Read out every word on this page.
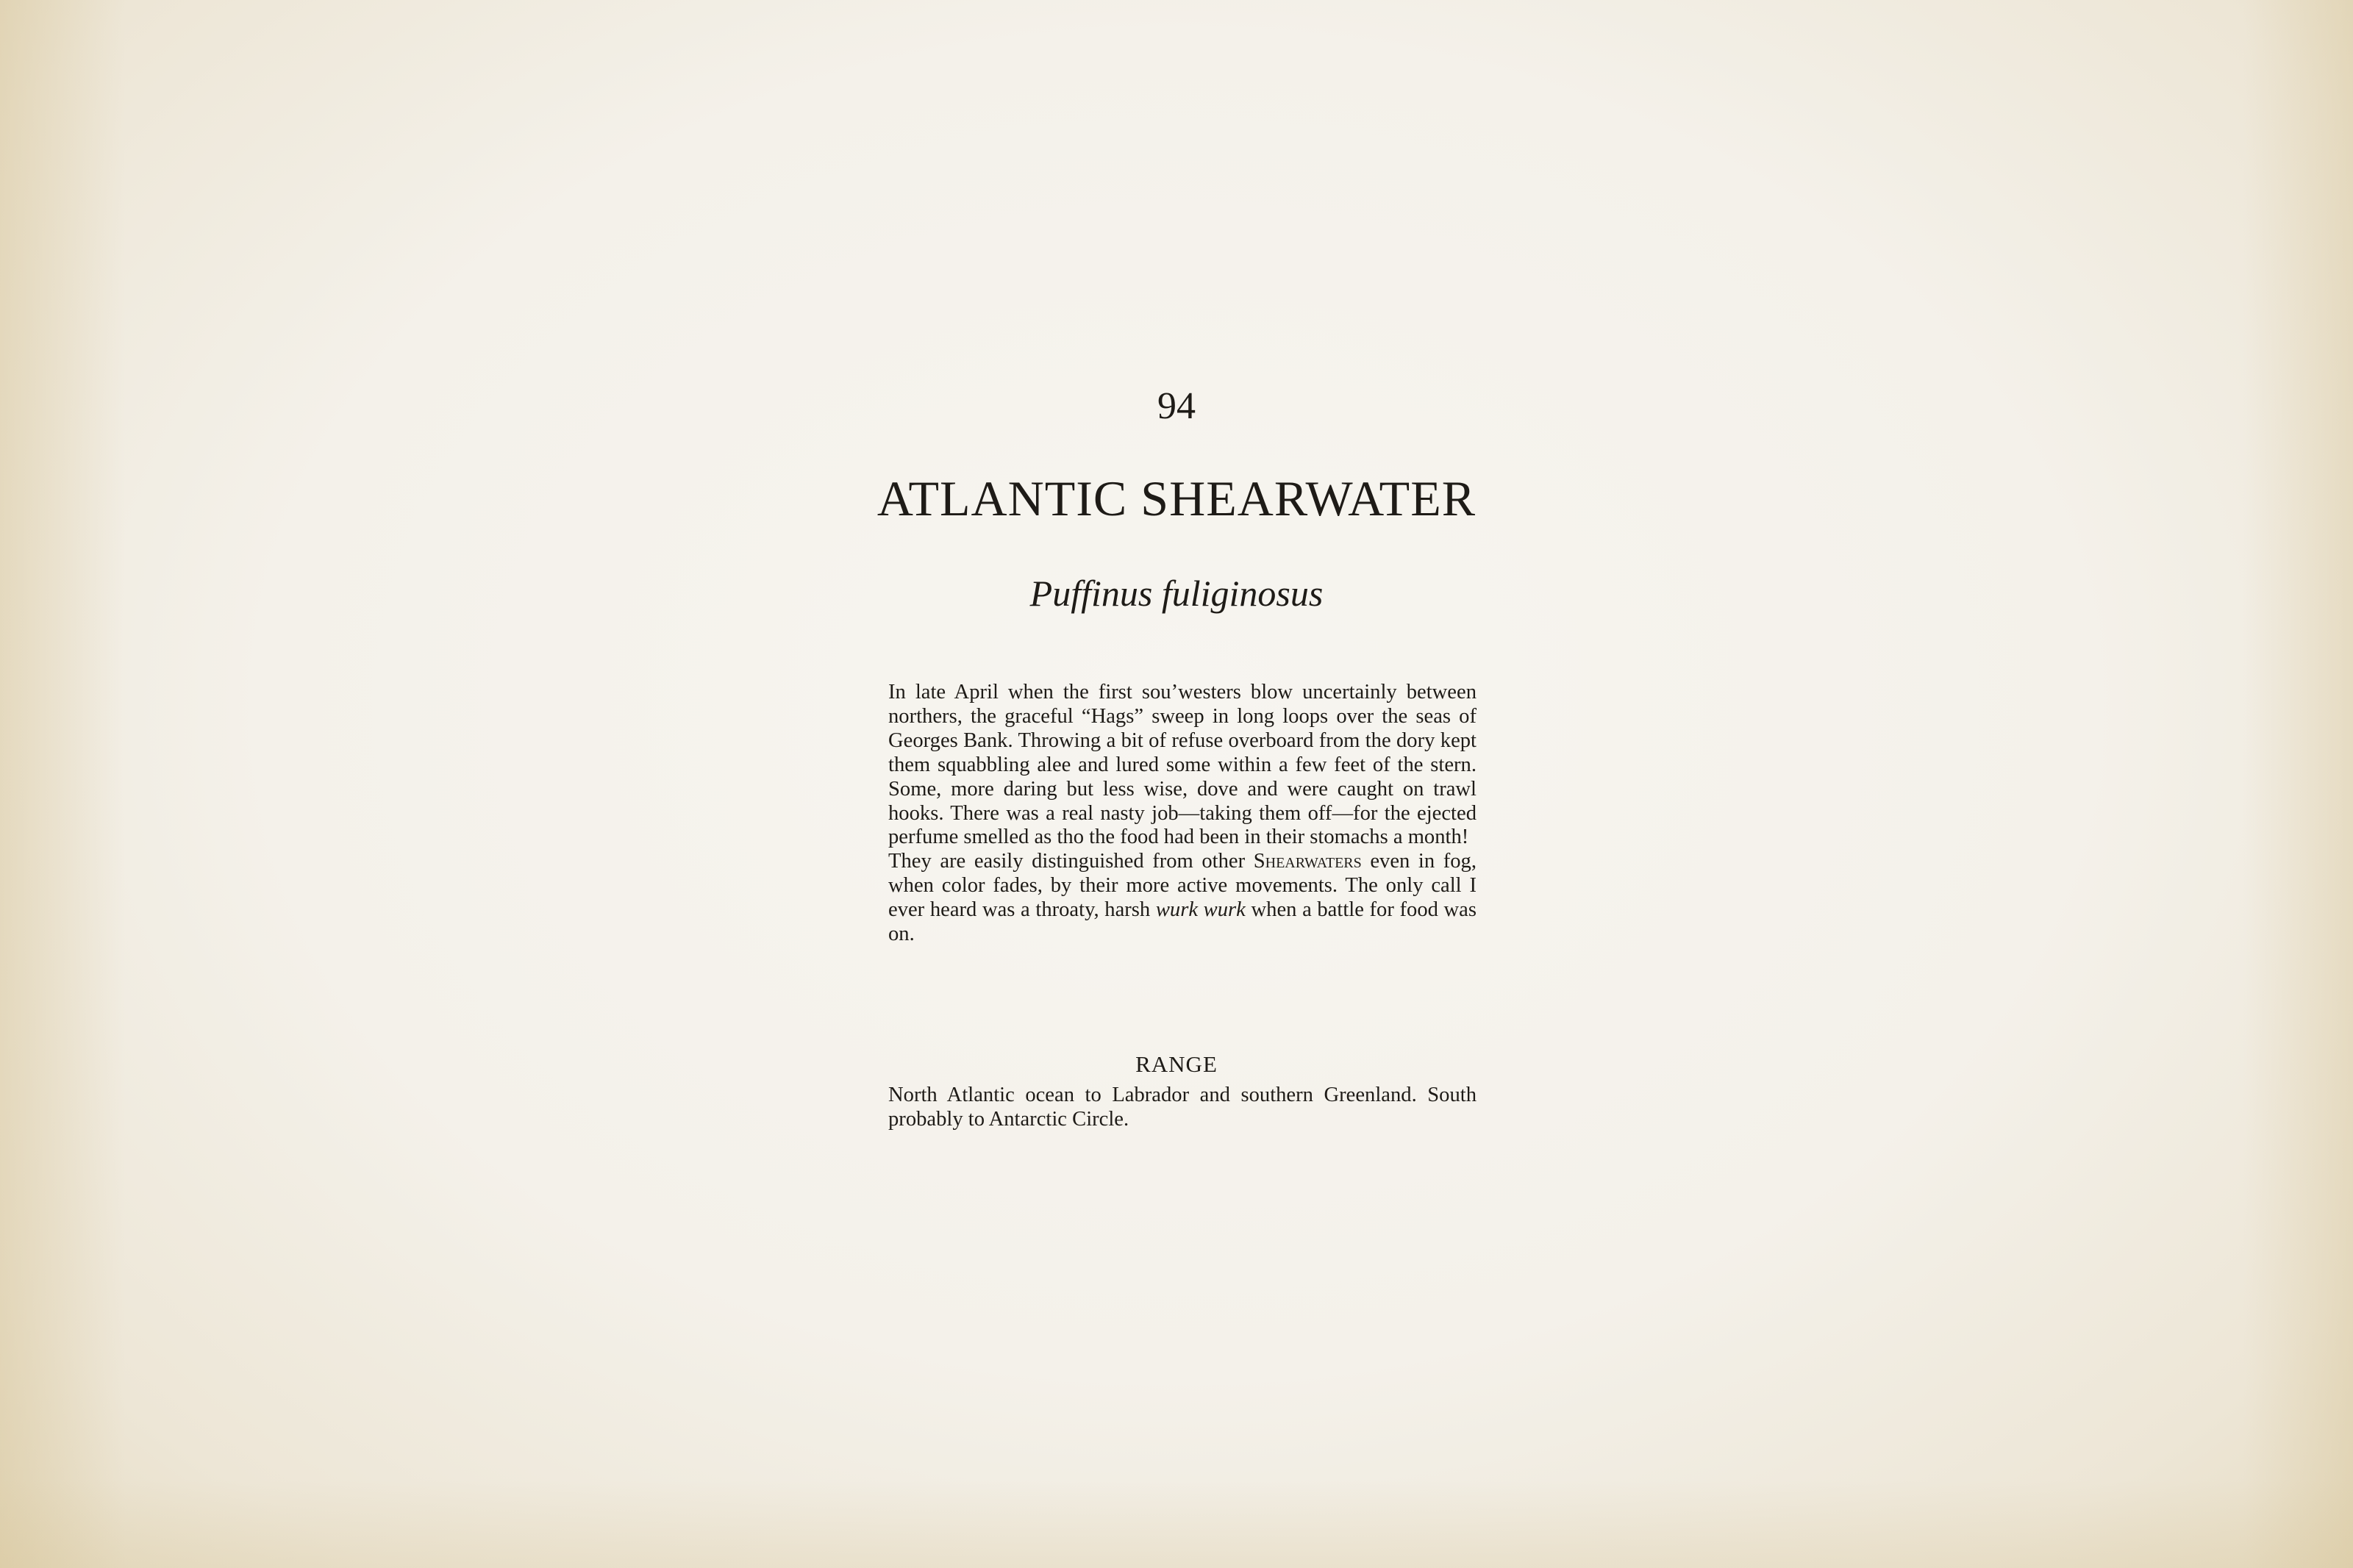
94
ATLANTIC SHEARWATER
Puffinus fuliginosus

In late April when the first sou’westers blow uncertainly between northers, the graceful “Hags” sweep in long loops over the seas of Georges Bank. Throwing a bit of refuse overboard from the dory kept them squabbling alee and lured some within a few feet of the stern. Some, more daring but less wise, dove and were caught on trawl hooks. There was a real nasty job—taking them off—for the ejected perfume smelled as tho the food had been in their stomachs a month!

They are easily distinguished from other Shearwaters even in fog, when color fades, by their more active movements. The only call I ever heard was a throaty, harsh wurk wurk when a battle for food was on.

RANGE

North Atlantic ocean to Labrador and southern Greenland. South probably to Antarctic Circle.
